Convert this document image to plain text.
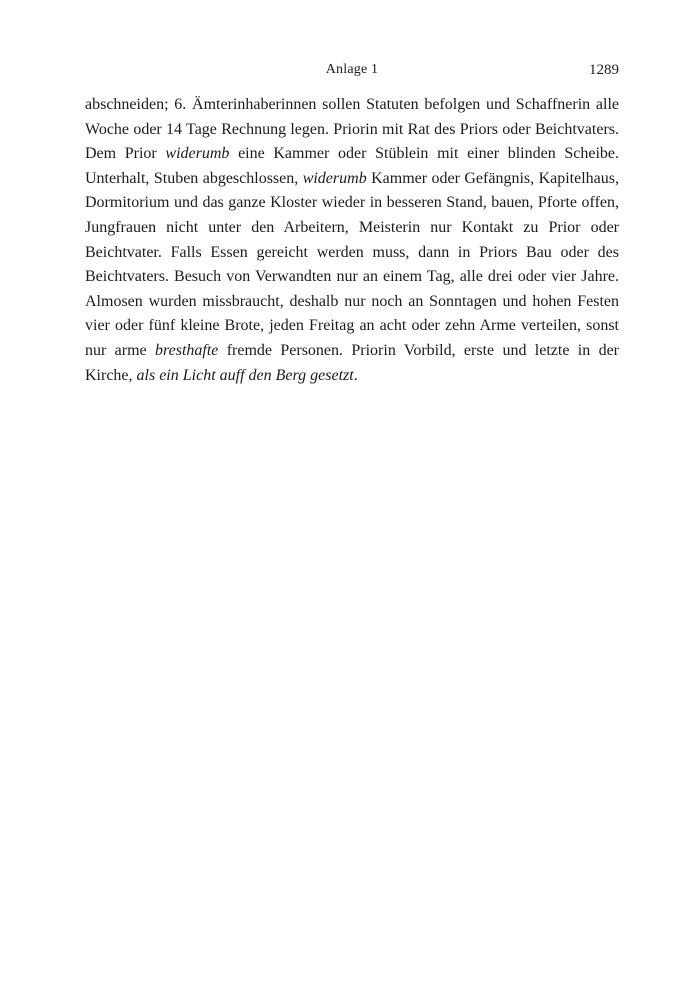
Anlage 1	1289

abschneiden; 6. Ämterinhaberinnen sollen Statuten befolgen und Schaffnerin alle Woche oder 14 Tage Rechnung legen. Priorin mit Rat des Priors oder Beichtvaters. Dem Prior widerumb eine Kammer oder Stüblein mit einer blinden Scheibe. Unterhalt, Stuben abgeschlossen, widerumb Kammer oder Gefängnis, Kapitelhaus, Dormitorium und das ganze Kloster wieder in besseren Stand, bauen, Pforte offen, Jungfrauen nicht unter den Arbeitern, Meisterin nur Kontakt zu Prior oder Beichtvater. Falls Essen gereicht werden muss, dann in Priors Bau oder des Beichtvaters. Besuch von Verwandten nur an einem Tag, alle drei oder vier Jahre. Almosen wurden missbraucht, deshalb nur noch an Sonntagen und hohen Festen vier oder fünf kleine Brote, jeden Freitag an acht oder zehn Arme verteilen, sonst nur arme bresthafte fremde Personen. Priorin Vorbild, erste und letzte in der Kirche, als ein Licht auff den Berg gesetzt.
